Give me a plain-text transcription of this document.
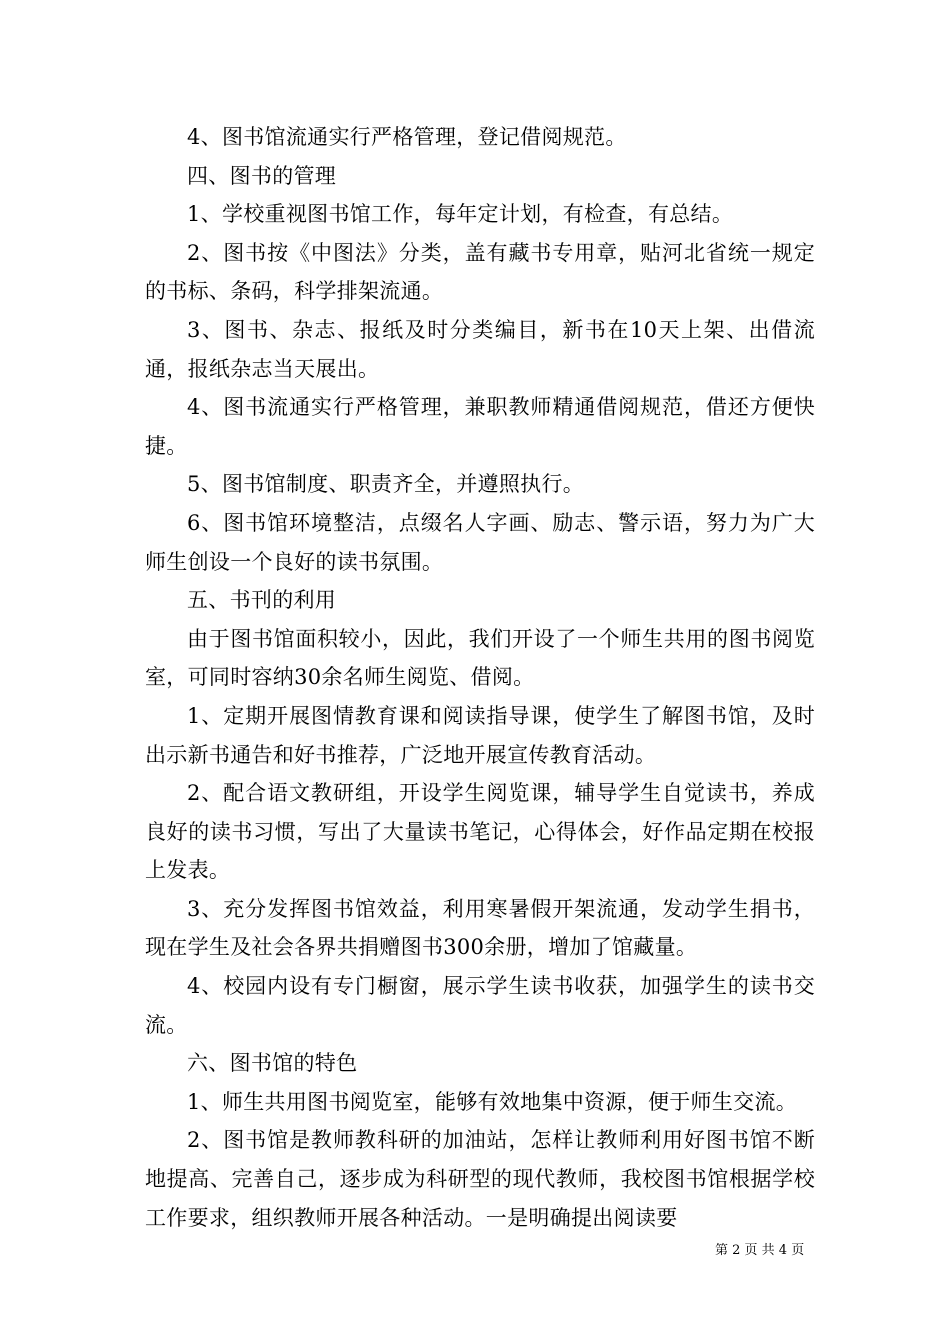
4、图书馆流通实行严格管理，登记借阅规范。

四、图书的管理

1、学校重视图书馆工作，每年定计划，有检查，有总结。

2、图书按《中图法》分类，盖有藏书专用章，贴河北省统一规定的书标、条码，科学排架流通。

3、图书、杂志、报纸及时分类编目，新书在10天上架、出借流通，报纸杂志当天展出。

4、图书流通实行严格管理，兼职教师精通借阅规范，借还方便快捷。

5、图书馆制度、职责齐全，并遵照执行。

6、图书馆环境整洁，点缀名人字画、励志、警示语，努力为广大师生创设一个良好的读书氛围。

五、书刊的利用

由于图书馆面积较小，因此，我们开设了一个师生共用的图书阅览室，可同时容纳30余名师生阅览、借阅。

1、定期开展图情教育课和阅读指导课，使学生了解图书馆，及时出示新书通告和好书推荐，广泛地开展宣传教育活动。

2、配合语文教研组，开设学生阅览课，辅导学生自觉读书，养成良好的读书习惯，写出了大量读书笔记，心得体会，好作品定期在校报上发表。

3、充分发挥图书馆效益，利用寒暑假开架流通，发动学生捐书，现在学生及社会各界共捐赠图书300余册，增加了馆藏量。

4、校园内设有专门橱窗，展示学生读书收获，加强学生的读书交流。

六、图书馆的特色

1、师生共用图书阅览室，能够有效地集中资源，便于师生交流。

2、图书馆是教师教科研的加油站，怎样让教师利用好图书馆不断地提高、完善自己，逐步成为科研型的现代教师，我校图书馆根据学校工作要求，组织教师开展各种活动。一是明确提出阅读要

第 2 页 共 4 页
